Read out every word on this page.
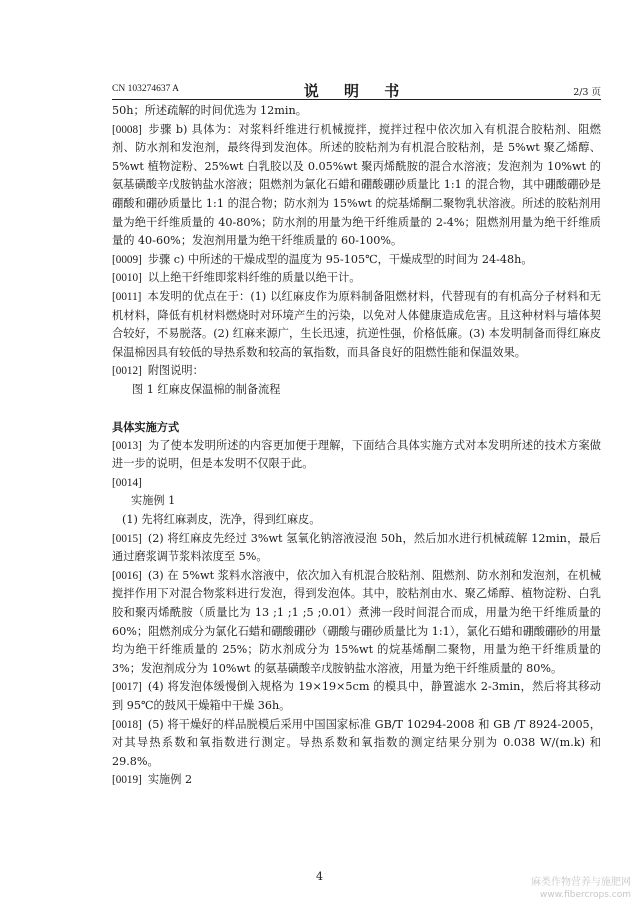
CN 103274637 A	说 明 书	2/3 页

50h；所述疏解的时间优选为 12min。

[0008] 步骤 b) 具体为：对浆料纤维进行机械搅拌，搅拌过程中依次加入有机混合胶粘剂、阻燃剂、防水剂和发泡剂，最终得到发泡体。所述的胶粘剂为有机混合胶粘剂，是 5%wt 聚乙烯醇、5%wt 植物淀粉、25%wt 白乳胶以及 0.05%wt 聚丙烯酰胺的混合水溶液；发泡剂为 10%wt 的氨基磺酸辛戊胺钠盐水溶液；阻燃剂为氯化石蜡和硼酸硼砂质量比 1:1 的混合物，其中硼酸硼砂是硼酸和硼砂质量比 1:1 的混合物；防水剂为 15%wt 的烷基烯酮二聚物乳状溶液。所述的胶粘剂用量为绝干纤维质量的 40-80%；防水剂的用量为绝干纤维质量的 2-4%；阻燃剂用量为绝干纤维质量的 40-60%；发泡剂用量为绝干纤维质量的 60-100%。

[0009] 步骤 c) 中所述的干燥成型的温度为 95-105℃，干燥成型的时间为 24-48h。

[0010] 以上绝干纤维即浆料纤维的质量以绝干计。

[0011] 本发明的优点在于：(1) 以红麻皮作为原料制备阻燃材料，代替现有的有机高分子材料和无机材料，降低有机材料燃烧时对环境产生的污染，以免对人体健康造成危害。且这种材料与墙体契合较好，不易脱落。(2) 红麻来源广，生长迅速，抗逆性强，价格低廉。(3) 本发明制备而得红麻皮保温棉因具有较低的导热系数和较高的氧指数，而具备良好的阻燃性能和保温效果。

[0012] 附图说明：

图 1 红麻皮保温棉的制备流程

具体实施方式

[0013] 为了使本发明所述的内容更加便于理解，下面结合具体实施方式对本发明所述的技术方案做进一步的说明，但是本发明不仅限于此。

[0014]

实施例 1

(1) 先将红麻剥皮，洗净，得到红麻皮。

[0015] (2) 将红麻皮先经过 3%wt 氢氧化钠溶液浸泡 50h，然后加水进行机械疏解 12min，最后通过磨浆调节浆料浓度至 5%。

[0016] (3) 在 5%wt 浆料水溶液中，依次加入有机混合胶粘剂、阻燃剂、防水剂和发泡剂，在机械搅拌作用下对混合物浆料进行发泡，得到发泡体。其中，胶粘剂由水、聚乙烯醇、植物淀粉、白乳胶和聚丙烯酰胺（质量比为 13 ;1 ;1 ;5 ;0.01）煮沸一段时间混合而成，用量为绝干纤维质量的 60%；阻燃剂成分为氯化石蜡和硼酸硼砂（硼酸与硼砂质量比为 1:1），氯化石蜡和硼酸硼砂的用量均为绝干纤维质量的 25%；防水剂成分为 15%wt 的烷基烯酮二聚物，用量为绝干纤维质量的 3%；发泡剂成分为 10%wt 的氨基磺酸辛戊胺钠盐水溶液，用量为绝干纤维质量的 80%。

[0017] (4) 将发泡体缓慢倒入规格为 19×19×5cm 的模具中，静置滤水 2-3min，然后将其移动到 95℃的鼓风干燥箱中干燥 36h。

[0018] (5) 将干燥好的样品脱模后采用中国国家标准 GB/T 10294-2008 和 GB /T 8924-2005，对其导热系数和氧指数进行测定。导热系数和氧指数的测定结果分别为 0.038 W/(m.k) 和 29.8%。

[0019] 实施例 2

4	麻类作物营养与施肥网
www.fibercrops.com
